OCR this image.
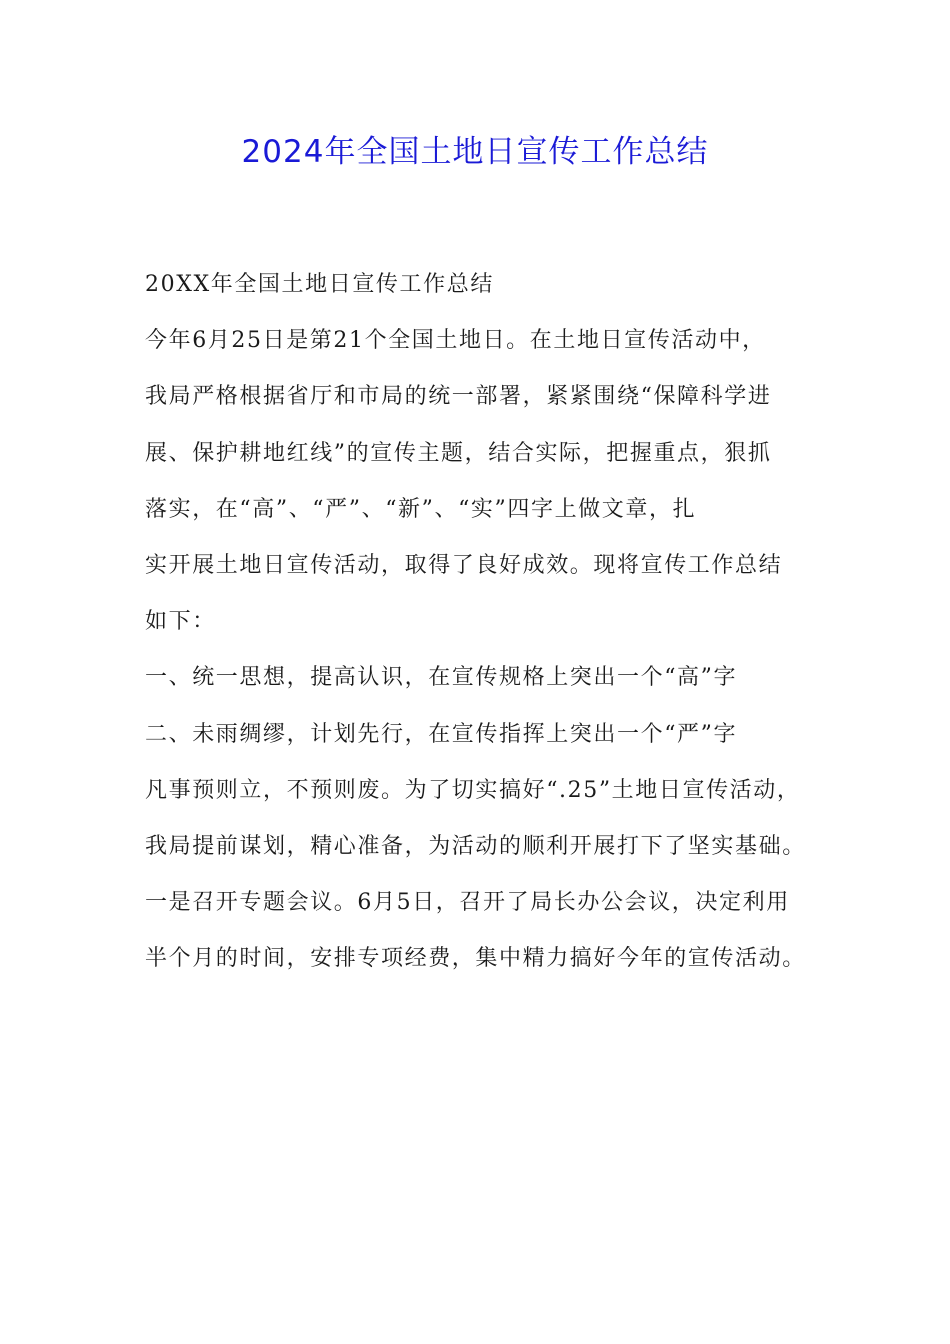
2024年全国土地日宣传工作总结
20XX年全国土地日宣传工作总结
今年6月25日是第21个全国土地日。在土地日宣传活动中，
我局严格根据省厅和市局的统一部署，紧紧围绕“保障科学进
展、保护耕地红线”的宣传主题，结合实际，把握重点，狠抓
落实，在“高”、“严”、“新”、“实”四字上做文章，扎
实开展土地日宣传活动，取得了良好成效。现将宣传工作总结
如下：
一、统一思想，提高认识，在宣传规格上突出一个“高”字
二、未雨绸缪，计划先行，在宣传指挥上突出一个“严”字
凡事预则立，不预则废。为了切实搞好“.25”土地日宣传活动，
我局提前谋划，精心准备，为活动的顺利开展打下了坚实基础。
一是召开专题会议。6月5日，召开了局长办公会议，决定利用
半个月的时间，安排专项经费，集中精力搞好今年的宣传活动。
